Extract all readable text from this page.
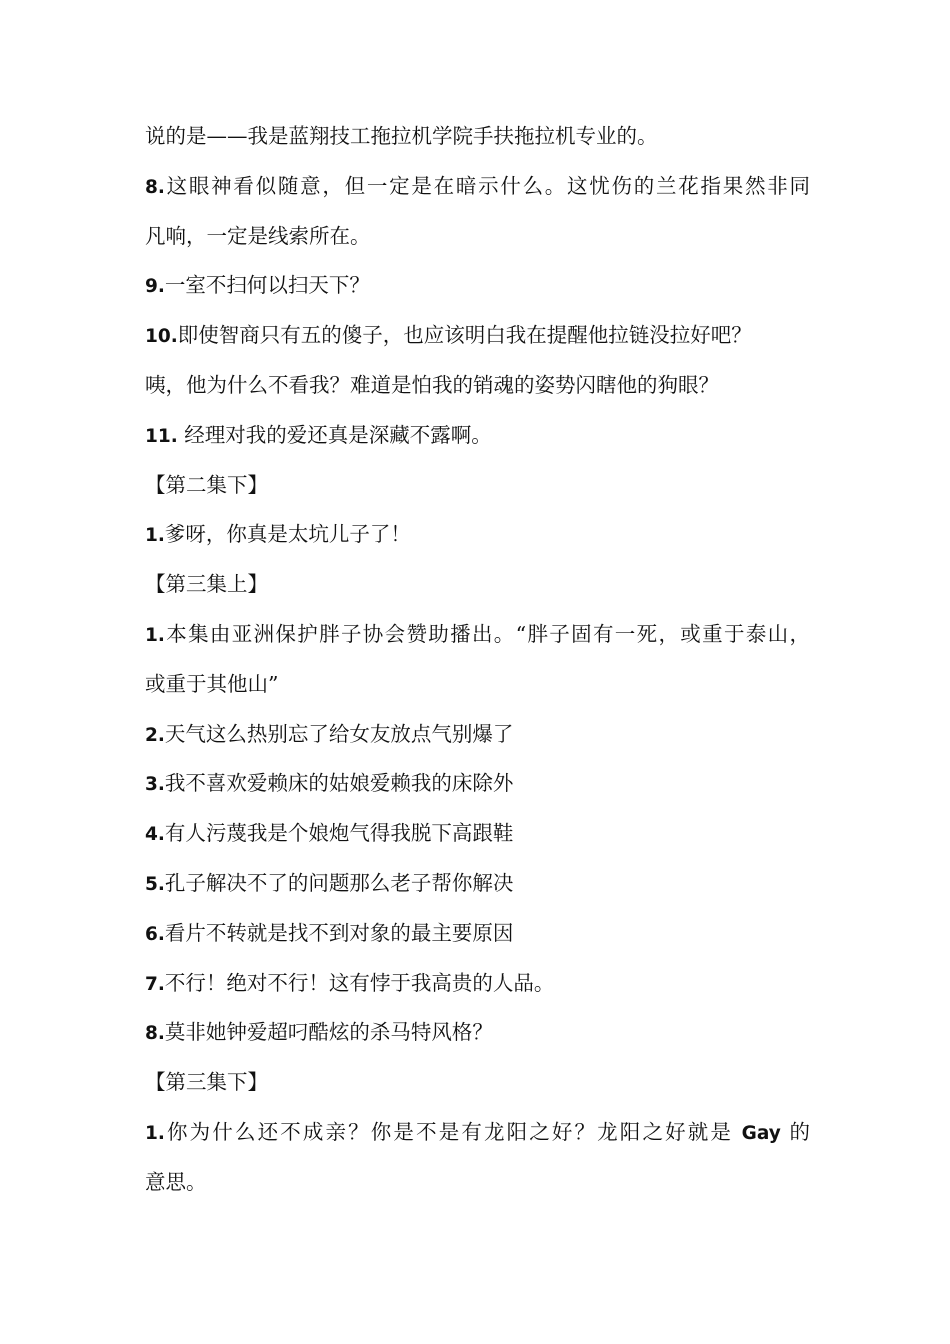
说的是——我是蓝翔技工拖拉机学院手扶拖拉机专业的。
8.这眼神看似随意，但一定是在暗示什么。这忧伤的兰花指果然非同
凡响，一定是线索所在。
9.一室不扫何以扫天下？
10.即使智商只有五的傻子，也应该明白我在提醒他拉链没拉好吧？
咦，他为什么不看我？难道是怕我的销魂的姿势闪瞎他的狗眼？
11. 经理对我的爱还真是深藏不露啊。
【第二集下】
1.爹呀，你真是太坑儿子了！
【第三集上】
1.本集由亚洲保护胖子协会赞助播出。“胖子固有一死，或重于泰山，
或重于其他山”
2.天气这么热别忘了给女友放点气别爆了
3.我不喜欢爱赖床的姑娘爱赖我的床除外
4.有人污蔑我是个娘炮气得我脱下高跟鞋
5.孔子解决不了的问题那么老子帮你解决
6.看片不转就是找不到对象的最主要原因
7.不行！绝对不行！这有悖于我高贵的人品。
8.莫非她钟爱超叼酷炫的杀马特风格？
【第三集下】
1.你为什么还不成亲？你是不是有龙阳之好？龙阳之好就是 Gay 的
意思。
